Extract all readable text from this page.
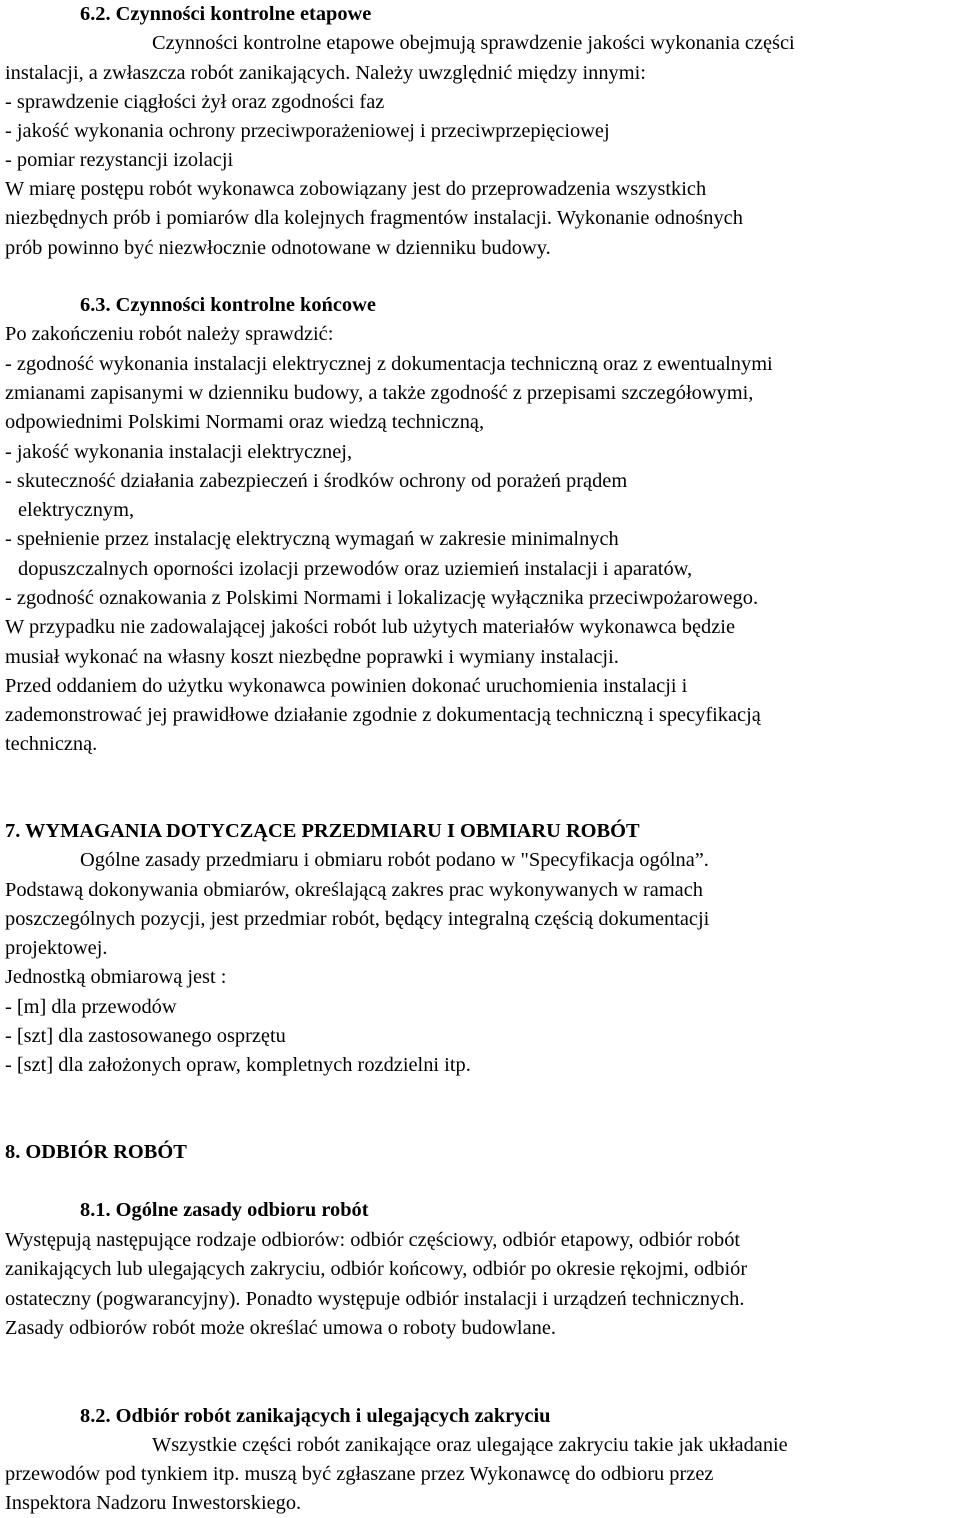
6.2. Czynności kontrolne etapowe
Czynności kontrolne etapowe obejmują sprawdzenie jakości wykonania części
instalacji, a zwłaszcza robót zanikających. Należy uwzględnić między innymi:
- sprawdzenie ciągłości żył oraz zgodności faz
- jakość wykonania ochrony przeciwporażeniowej i przeciwprzepięciowej
- pomiar rezystancji izolacji
W miarę postępu robót wykonawca zobowiązany jest do przeprowadzenia wszystkich
niezbędnych prób i pomiarów dla kolejnych fragmentów instalacji. Wykonanie odnośnych
prób powinno być niezwłocznie odnotowane w dzienniku budowy.
6.3. Czynności kontrolne końcowe
Po zakończeniu robót należy sprawdzić:
- zgodność wykonania instalacji elektrycznej z dokumentacja techniczną oraz z ewentualnymi
zmianami zapisanymi w dzienniku budowy, a także zgodność z przepisami szczegółowymi,
odpowiednimi Polskimi Normami oraz wiedzą techniczną,
- jakość wykonania instalacji elektrycznej,
- skuteczność działania zabezpieczeń i środków ochrony od porażeń prądem
elektrycznym,
- spełnienie przez instalację elektryczną wymagań w zakresie minimalnych
dopuszczalnych oporności izolacji przewodów oraz uziemień instalacji i aparatów,
- zgodność oznakowania z Polskimi Normami i lokalizację wyłącznika przeciwpożarowego.
W przypadku nie zadowalającej jakości robót lub użytych materiałów wykonawca będzie
musiał wykonać na własny koszt niezbędne poprawki i wymiany instalacji.
Przed oddaniem do użytku wykonawca powinien dokonać uruchomienia instalacji i
zademonstrować jej prawidłowe działanie zgodnie z dokumentacją techniczną i specyfikacją
techniczną.
7. WYMAGANIA DOTYCZĄCE PRZEDMIARU I OBMIARU ROBÓT
Ogólne zasady przedmiaru i obmiaru robót podano w "Specyfikacja ogólna”.
Podstawą dokonywania obmiarów, określającą zakres prac wykonywanych w ramach
poszczególnych pozycji, jest przedmiar robót, będący integralną częścią dokumentacji
projektowej.
Jednostką obmiarową jest :
- [m] dla przewodów
- [szt] dla zastosowanego osprzętu
- [szt] dla założonych opraw, kompletnych rozdzielni itp.
8. ODBIÓR ROBÓT
8.1. Ogólne zasady odbioru robót
Występują następujące rodzaje odbiorów: odbiór częściowy, odbiór etapowy, odbiór robót
zanikających lub ulegających zakryciu, odbiór końcowy, odbiór po okresie rękojmi, odbiór
ostateczny (pogwarancyjny). Ponadto występuje odbiór instalacji i urządzeń technicznych.
Zasady odbiorów robót może określać umowa o roboty budowlane.
8.2. Odbiór robót zanikających i ulegających zakryciu
Wszystkie części robót zanikające oraz ulegające zakryciu takie jak układanie
przewodów pod tynkiem itp. muszą być zgłaszane przez Wykonawcę do odbioru przez
Inspektora Nadzoru Inwestorskiego.
